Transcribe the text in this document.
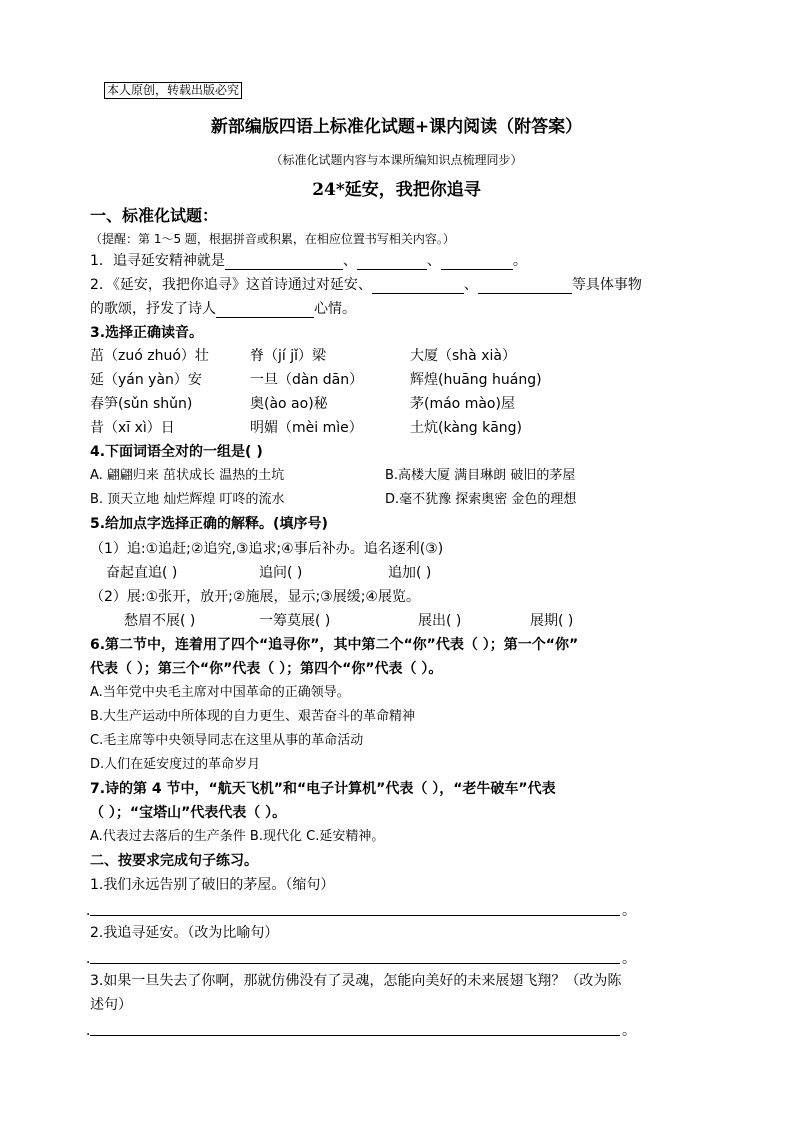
本人原创，转载出版必究
新部编版四语上标准化试题+课内阅读（附答案）
（标准化试题内容与本课所编知识点梳理同步）
24*延安，我把你追寻
一、标准化试题：
（提醒：第 1～5 题，根据拼音或积累，在相应位置书写相关内容。）
1．追寻延安精神就是	、	、	。
2．《延安，我把你追寻》这首诗通过对延安、	、	等具体事物
的歌颂，抒发了诗人	心情。
3.选择正确读音。
茁（zuó zhuó）壮	脊（jí jǐ）梁	大厦（shà xià）
延（yán yàn）安	一旦（dàn dān）	辉煌(huāng huáng)
春笋(sǔn shǔn)	奥(ào ao)秘	茅(máo mào)屋
昔（xī xì）日	明媚（mèi mìe）	土炕(kàng kāng)
4.下面词语全对的一组是( )
A. 翩翩归来 茁状成长 温热的土坑	B.高楼大厦 满目琳朗 破旧的茅屋
B. 顶天立地 灿烂辉煌 叮咚的流水	D.毫不犹豫 探索奥密 金色的理想
5.给加点字选择正确的解释。(填序号)
（1）追:①追赶;②追究,③追求;④事后补办。追名逐利(③)
奋起直追( )	追问( )	追加( )
（2）展:①张开，放开;②施展，显示;③展缓;④展览。
愁眉不展( )	一筹莫展( )	展出( )	展期( )
6.第二节中，连着用了四个“追寻你”，其中第二个“你”代表（ ）；第一个“你”
代表（ ）；第三个“你”代表（ ）；第四个“你”代表（ ）。
A.当年党中央毛主席对中国革命的正确领导。
B.大生产运动中所体现的自力更生、艰苦奋斗的革命精神
C.毛主席等中央领导同志在这里从事的革命活动
D.人们在延安度过的革命岁月
7.诗的第 4 节中，“航天飞机”和“电子计算机”代表（ ），“老牛破车”代表
（ ）；“宝塔山”代表代表（ ）。
A.代表过去落后的生产条件 B.现代化 C.延安精神。
二、按要求完成句子练习。
1.我们永远告别了破旧的茅屋。（缩句）
．	。
2.我追寻延安。（改为比喻句）
．	。
3.如果一旦失去了你啊，那就仿佛没有了灵魂，怎能向美好的未来展翅飞翔？（改为陈
述句）
．	。
